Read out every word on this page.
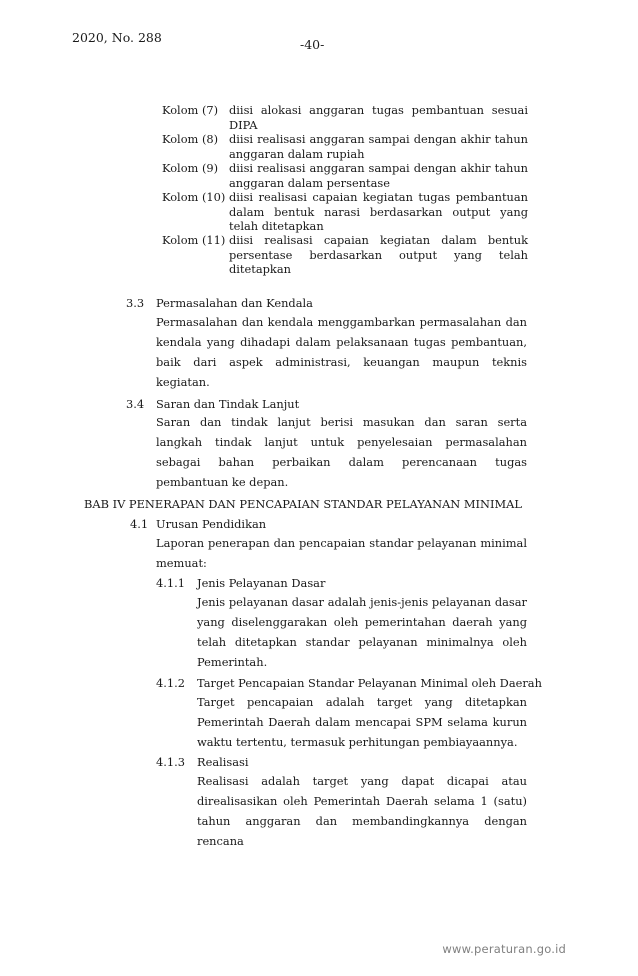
2020, No. 288	-40-
Kolom (7) diisi alokasi anggaran tugas pembantuan sesuai DIPA
Kolom (8) diisi realisasi anggaran sampai dengan akhir tahun anggaran dalam rupiah
Kolom (9) diisi realisasi anggaran sampai dengan akhir tahun anggaran dalam persentase
Kolom (10) diisi realisasi capaian kegiatan tugas pembantuan dalam bentuk narasi berdasarkan output yang telah ditetapkan
Kolom (11) diisi realisasi capaian kegiatan dalam bentuk persentase berdasarkan output yang telah ditetapkan
3.3 Permasalahan dan Kendala
Permasalahan dan kendala menggambarkan permasalahan dan kendala yang dihadapi dalam pelaksanaan tugas pembantuan, baik dari aspek administrasi, keuangan maupun teknis kegiatan.
3.4 Saran dan Tindak Lanjut
Saran dan tindak lanjut berisi masukan dan saran serta langkah tindak lanjut untuk penyelesaian permasalahan sebagai bahan perbaikan dalam perencanaan tugas pembantuan ke depan.
BAB IV PENERAPAN DAN PENCAPAIAN STANDAR PELAYANAN MINIMAL
4.1 Urusan Pendidikan
Laporan penerapan dan pencapaian standar pelayanan minimal memuat:
4.1.1 Jenis Pelayanan Dasar
Jenis pelayanan dasar adalah jenis-jenis pelayanan dasar yang diselenggarakan oleh pemerintahan daerah yang telah ditetapkan standar pelayanan minimalnya oleh Pemerintah.
4.1.2 Target Pencapaian Standar Pelayanan Minimal oleh Daerah
Target pencapaian adalah target yang ditetapkan Pemerintah Daerah dalam mencapai SPM selama kurun waktu tertentu, termasuk perhitungan pembiayaannya.
4.1.3 Realisasi
Realisasi adalah target yang dapat dicapai atau direalisasikan oleh Pemerintah Daerah selama 1 (satu) tahun anggaran dan membandingkannya dengan rencana
www.peraturan.go.id
